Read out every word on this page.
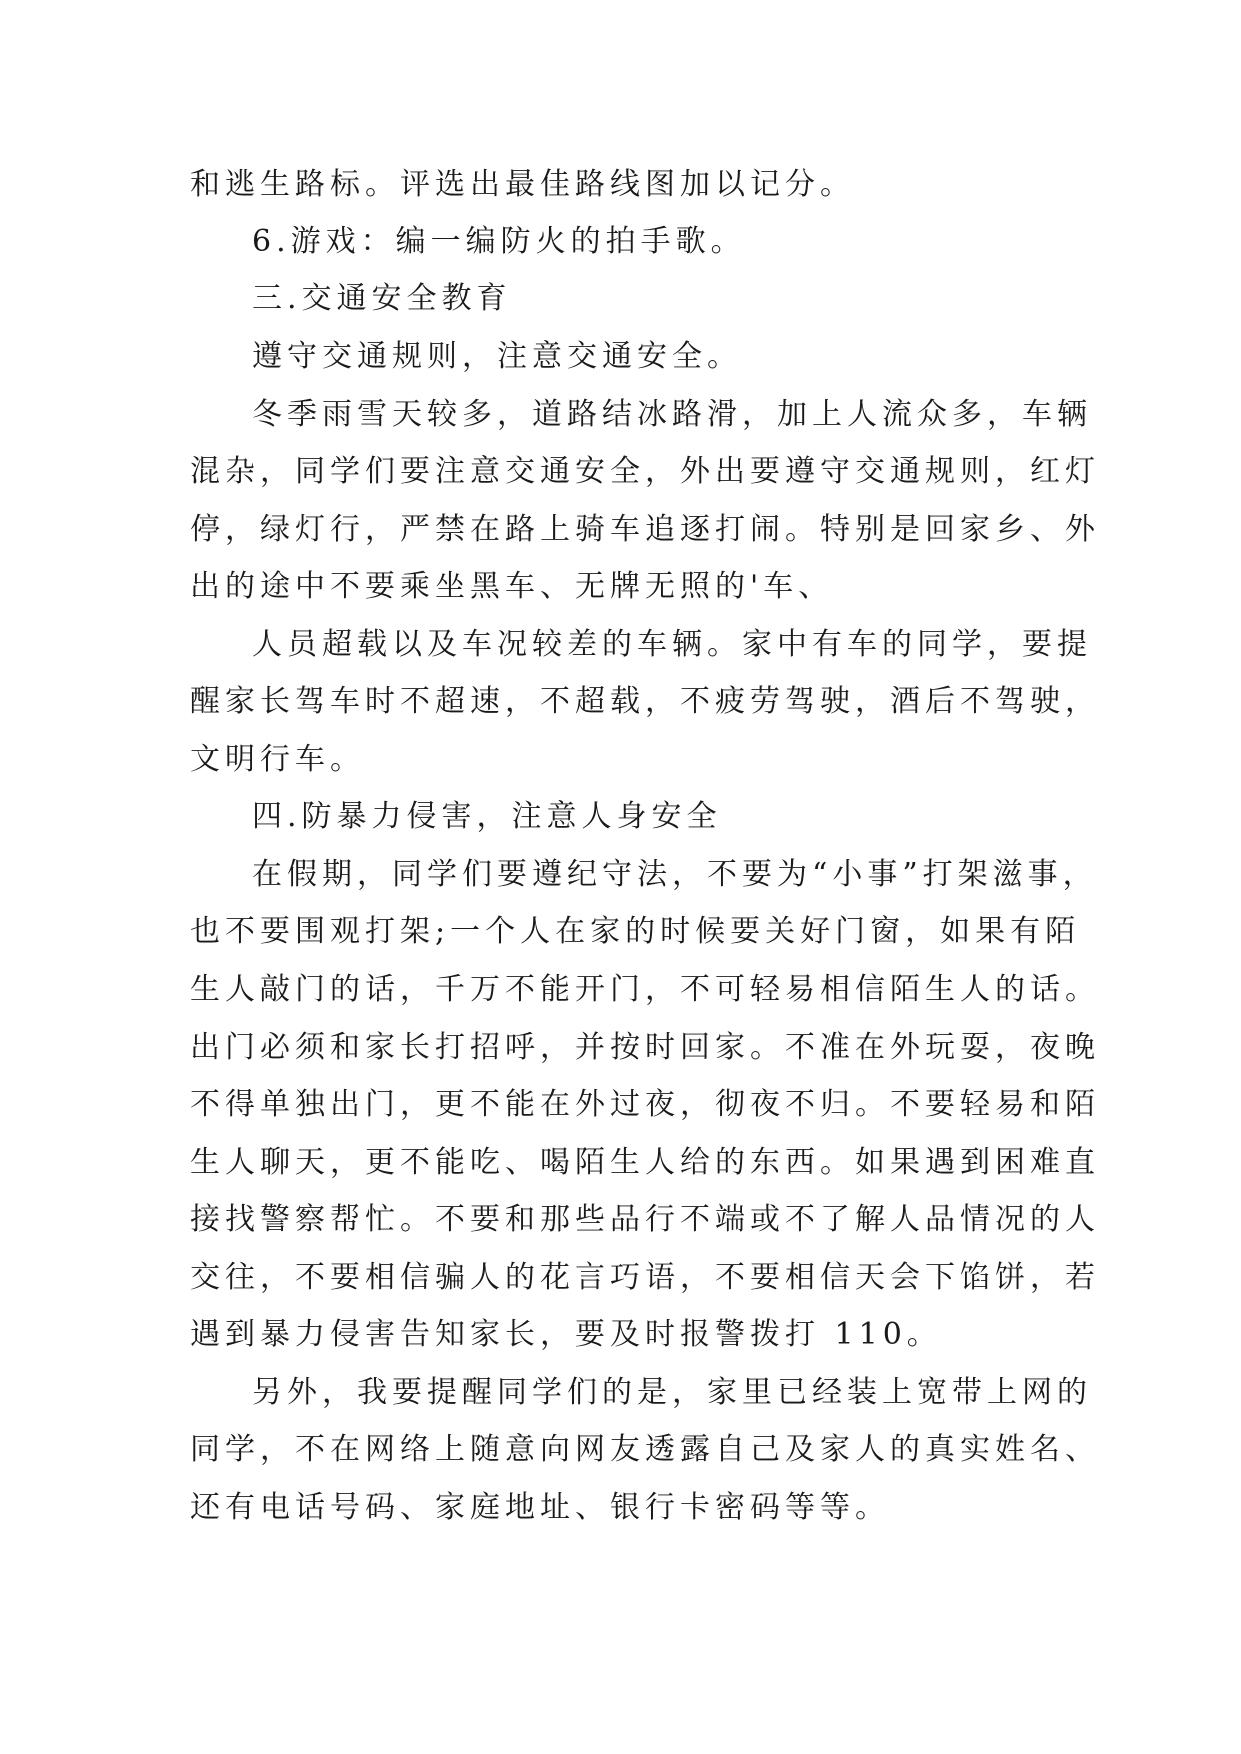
和逃生路标。评选出最佳路线图加以记分。
6.游戏：编一编防火的拍手歌。
三.交通安全教育
遵守交通规则，注意交通安全。
冬季雨雪天较多，道路结冰路滑，加上人流众多，车辆
混杂，同学们要注意交通安全，外出要遵守交通规则，红灯
停，绿灯行，严禁在路上骑车追逐打闹。特别是回家乡、外
出的途中不要乘坐黑车、无牌无照的'车、
人员超载以及车况较差的车辆。家中有车的同学，要提
醒家长驾车时不超速，不超载，不疲劳驾驶，酒后不驾驶，
文明行车。
四.防暴力侵害，注意人身安全
在假期，同学们要遵纪守法，不要为“小事”打架滋事，
也不要围观打架;一个人在家的时候要关好门窗，如果有陌
生人敲门的话，千万不能开门，不可轻易相信陌生人的话。
出门必须和家长打招呼，并按时回家。不准在外玩耍，夜晚
不得单独出门，更不能在外过夜，彻夜不归。不要轻易和陌
生人聊天，更不能吃、喝陌生人给的东西。如果遇到困难直
接找警察帮忙。不要和那些品行不端或不了解人品情况的人
交往，不要相信骗人的花言巧语，不要相信天会下馅饼，若
遇到暴力侵害告知家长，要及时报警拨打 110。
另外，我要提醒同学们的是，家里已经装上宽带上网的
同学，不在网络上随意向网友透露自己及家人的真实姓名、
还有电话号码、家庭地址、银行卡密码等等。
